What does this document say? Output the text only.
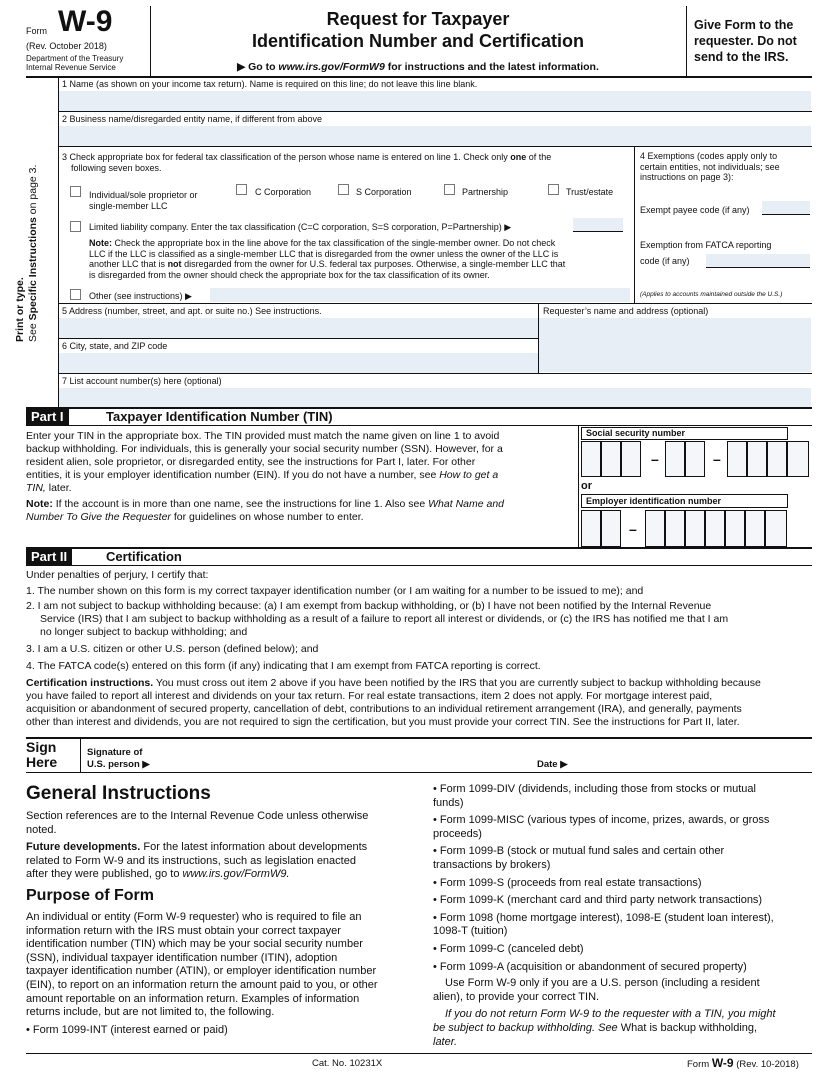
Form W-9
(Rev. October 2018)
Department of the Treasury
Internal Revenue Service
Request for Taxpayer
Identification Number and Certification
▶ Go to www.irs.gov/FormW9 for instructions and the latest information.
Give Form to the requester. Do not send to the IRS.
Print or type. See Specific Instructions on page 3.
1 Name (as shown on your income tax return). Name is required on this line; do not leave this line blank.
2 Business name/disregarded entity name, if different from above
3 Check appropriate box for federal tax classification of the person whose name is entered on line 1. Check only one of the
following seven boxes.
Individual/sole proprietor or
single-member LLC
C Corporation	S Corporation	Partnership	Trust/estate
Limited liability company. Enter the tax classification (C=C corporation, S=S corporation, P=Partnership) ▶
Note: Check the appropriate box in the line above for the tax classification of the single-member owner. Do not check
LLC if the LLC is classified as a single-member LLC that is disregarded from the owner unless the owner of the LLC is
another LLC that is not disregarded from the owner for U.S. federal tax purposes. Otherwise, a single-member LLC that
is disregarded from the owner should check the appropriate box for the tax classification of its owner.
Other (see instructions) ▶
4 Exemptions (codes apply only to
certain entities, not individuals; see
instructions on page 3):
Exempt payee code (if any)
Exemption from FATCA reporting
code (if any)
(Applies to accounts maintained outside the U.S.)
5 Address (number, street, and apt. or suite no.) See instructions.	Requester’s name and address (optional)
6 City, state, and ZIP code
7 List account number(s) here (optional)
Part I	Taxpayer Identification Number (TIN)
Enter your TIN in the appropriate box. The TIN provided must match the name given on line 1 to avoid
backup withholding. For individuals, this is generally your social security number (SSN). However, for a
resident alien, sole proprietor, or disregarded entity, see the instructions for Part I, later. For other
entities, it is your employer identification number (EIN). If you do not have a number, see How to get a
TIN, later.
Note: If the account is in more than one name, see the instructions for line 1. Also see What Name and
Number To Give the Requester for guidelines on whose number to enter.
Social security number
–	–
or
Employer identification number
–
Part II	Certification
Under penalties of perjury, I certify that:
1. The number shown on this form is my correct taxpayer identification number (or I am waiting for a number to be issued to me); and
2. I am not subject to backup withholding because: (a) I am exempt from backup withholding, or (b) I have not been notified by the Internal Revenue
Service (IRS) that I am subject to backup withholding as a result of a failure to report all interest or dividends, or (c) the IRS has notified me that I am
no longer subject to backup withholding; and
3. I am a U.S. citizen or other U.S. person (defined below); and
4. The FATCA code(s) entered on this form (if any) indicating that I am exempt from FATCA reporting is correct.
Certification instructions. You must cross out item 2 above if you have been notified by the IRS that you are currently subject to backup withholding because
you have failed to report all interest and dividends on your tax return. For real estate transactions, item 2 does not apply. For mortgage interest paid,
acquisition or abandonment of secured property, cancellation of debt, contributions to an individual retirement arrangement (IRA), and generally, payments
other than interest and dividends, you are not required to sign the certification, but you must provide your correct TIN. See the instructions for Part II, later.
Sign
Here
Signature of
U.S. person ▶	Date ▶
General Instructions
Section references are to the Internal Revenue Code unless otherwise
noted.
Future developments. For the latest information about developments
related to Form W-9 and its instructions, such as legislation enacted
after they were published, go to www.irs.gov/FormW9.
Purpose of Form
An individual or entity (Form W-9 requester) who is required to file an
information return with the IRS must obtain your correct taxpayer
identification number (TIN) which may be your social security number
(SSN), individual taxpayer identification number (ITIN), adoption
taxpayer identification number (ATIN), or employer identification number
(EIN), to report on an information return the amount paid to you, or other
amount reportable on an information return. Examples of information
returns include, but are not limited to, the following.
• Form 1099-INT (interest earned or paid)
• Form 1099-DIV (dividends, including those from stocks or mutual
funds)
• Form 1099-MISC (various types of income, prizes, awards, or gross
proceeds)
• Form 1099-B (stock or mutual fund sales and certain other
transactions by brokers)
• Form 1099-S (proceeds from real estate transactions)
• Form 1099-K (merchant card and third party network transactions)
• Form 1098 (home mortgage interest), 1098-E (student loan interest),
1098-T (tuition)
• Form 1099-C (canceled debt)
• Form 1099-A (acquisition or abandonment of secured property)
Use Form W-9 only if you are a U.S. person (including a resident
alien), to provide your correct TIN.
If you do not return Form W-9 to the requester with a TIN, you might
be subject to backup withholding. See What is backup withholding,
later.
Cat. No. 10231X	Form W-9 (Rev. 10-2018)
